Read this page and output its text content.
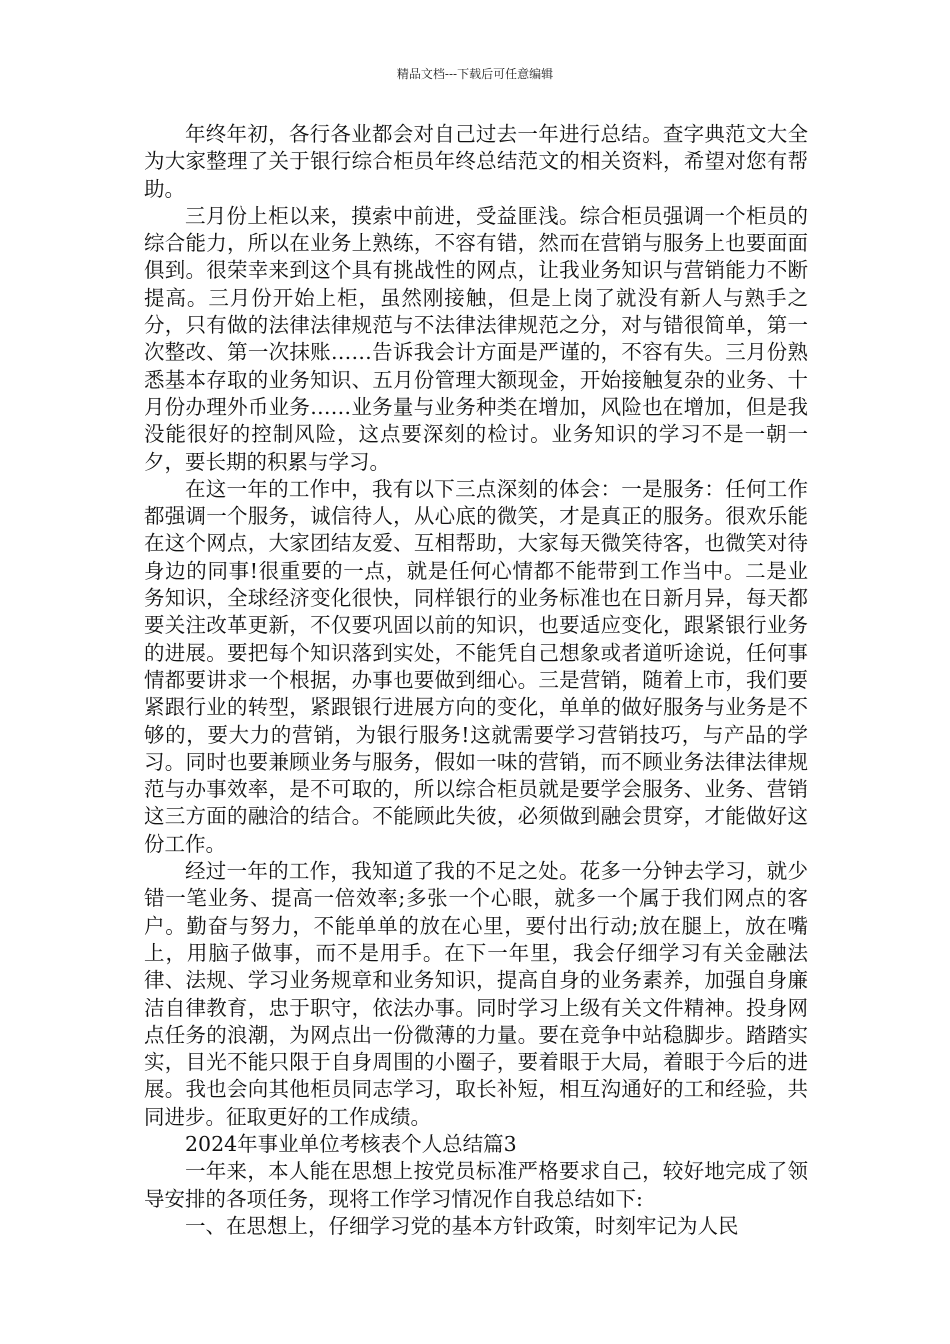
精品文档---下载后可任意编辑

年终年初，各行各业都会对自己过去一年进行总结。查字典范文大全为大家整理了关于银行综合柜员年终总结范文的相关资料，希望对您有帮助。

三月份上柜以来，摸索中前进，受益匪浅。综合柜员强调一个柜员的综合能力，所以在业务上熟练，不容有错，然而在营销与服务上也要面面俱到。很荣幸来到这个具有挑战性的网点，让我业务知识与营销能力不断提高。三月份开始上柜，虽然刚接触，但是上岗了就没有新人与熟手之分，只有做的法律法律规范与不法律法律规范之分，对与错很简单，第一次整改、第一次抹账……告诉我会计方面是严谨的，不容有失。三月份熟悉基本存取的业务知识、五月份管理大额现金，开始接触复杂的业务、十月份办理外币业务……业务量与业务种类在增加，风险也在增加，但是我没能很好的控制风险，这点要深刻的检讨。业务知识的学习不是一朝一夕，要长期的积累与学习。

在这一年的工作中，我有以下三点深刻的体会：一是服务：任何工作都强调一个服务，诚信待人，从心底的微笑，才是真正的服务。很欢乐能在这个网点，大家团结友爱、互相帮助，大家每天微笑待客，也微笑对待身边的同事!很重要的一点，就是任何心情都不能带到工作当中。二是业务知识，全球经济变化很快，同样银行的业务标准也在日新月异，每天都要关注改革更新，不仅要巩固以前的知识，也要适应变化，跟紧银行业务的进展。要把每个知识落到实处，不能凭自己想象或者道听途说，任何事情都要讲求一个根据，办事也要做到细心。三是营销，随着上市，我们要紧跟行业的转型，紧跟银行进展方向的变化，单单的做好服务与业务是不够的，要大力的营销，为银行服务!这就需要学习营销技巧，与产品的学习。同时也要兼顾业务与服务，假如一味的营销，而不顾业务法律法律规范与办事效率，是不可取的，所以综合柜员就是要学会服务、业务、营销这三方面的融洽的结合。不能顾此失彼，必须做到融会贯穿，才能做好这份工作。

经过一年的工作，我知道了我的不足之处。花多一分钟去学习，就少错一笔业务、提高一倍效率;多张一个心眼，就多一个属于我们网点的客户。勤奋与努力，不能单单的放在心里，要付出行动;放在腿上，放在嘴上，用脑子做事，而不是用手。在下一年里，我会仔细学习有关金融法律、法规、学习业务规章和业务知识，提高自身的业务素养，加强自身廉洁自律教育，忠于职守，依法办事。同时学习上级有关文件精神。投身网点任务的浪潮，为网点出一份微薄的力量。要在竞争中站稳脚步。踏踏实实，目光不能只限于自身周围的小圈子，要着眼于大局，着眼于今后的进展。我也会向其他柜员同志学习，取长补短，相互沟通好的工和经验，共同进步。征取更好的工作成绩。

2024年事业单位考核表个人总结篇3

一年来，本人能在思想上按党员标准严格要求自己，较好地完成了领导安排的各项任务，现将工作学习情况作自我总结如下:

一、在思想上，仔细学习党的基本方针政策，时刻牢记为人民
